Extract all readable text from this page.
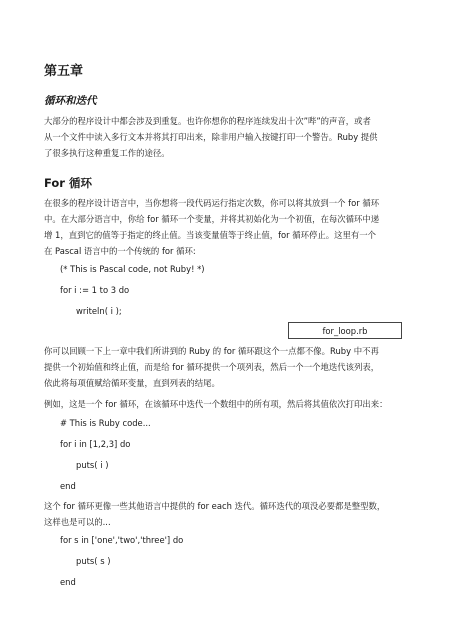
第五章
循环和迭代
大部分的程序设计中都会涉及到重复。也许你想你的程序连续发出十次”哔”的声音，或者
从一个文件中读入多行文本并将其打印出来，除非用户输入按键打印一个警告。Ruby 提供
了很多执行这种重复工作的途径。
For 循环
在很多的程序设计语言中，当你想将一段代码运行指定次数，你可以将其放到一个 for 循环
中。在大部分语言中，你给 for 循环一个变量，并将其初始化为一个初值，在每次循环中递
增 1，直到它的值等于指定的终止值。当该变量值等于终止值，for 循环停止。这里有一个
在 Pascal 语言中的一个传统的 for 循环:
(* This is Pascal code, not Ruby! *)
for i := 1 to 3 do
writeln( i );
for_loop.rb
你可以回顾一下上一章中我们所讲到的 Ruby 的 for 循环跟这个一点都不像。Ruby 中不再
提供一个初始值和终止值，而是给 for 循环提供一个项列表，然后一个一个地迭代该列表，
依此将每项值赋给循环变量，直到列表的结尾。
例如，这是一个 for 循环，在该循环中迭代一个数组中的所有项，然后将其值依次打印出来：
# This is Ruby code...
for i in [1,2,3] do
puts( i )
end
这个 for 循环更像一些其他语言中提供的 for each 迭代。循环迭代的项没必要都是整型数，
这样也是可以的...
for s in ['one','two','three'] do
puts( s )
end
